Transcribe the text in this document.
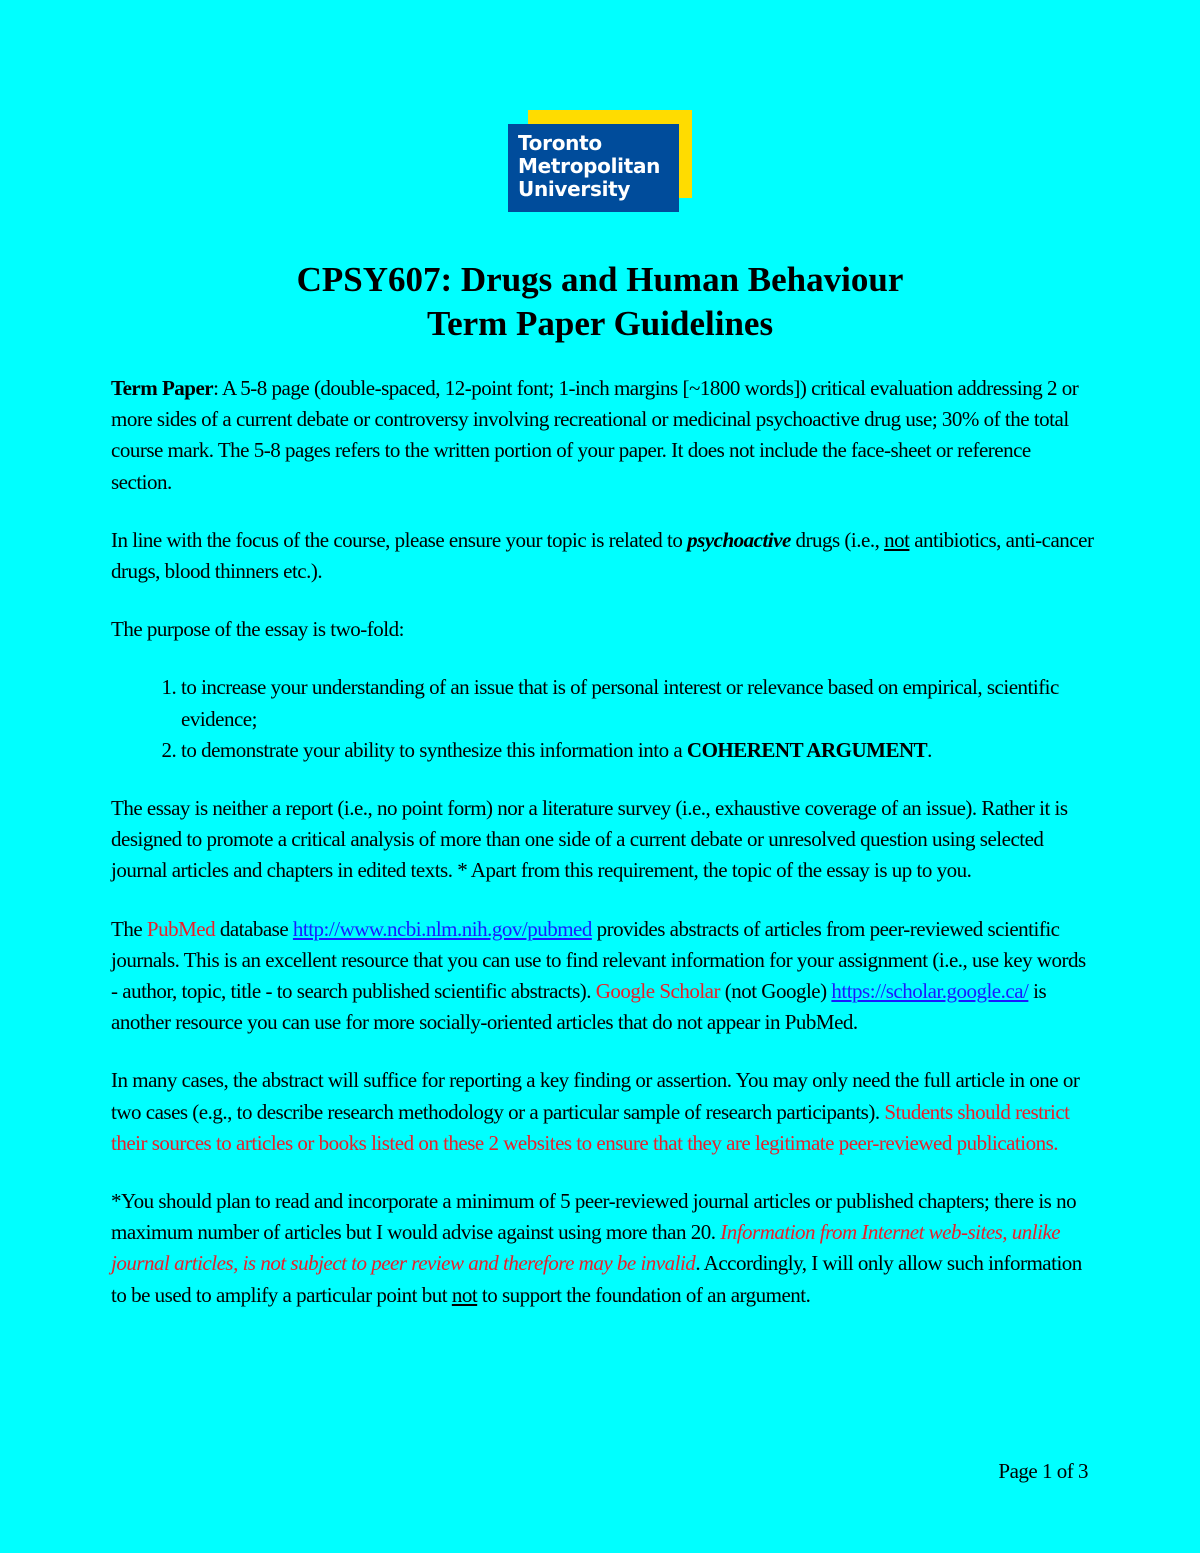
Toronto
Metropolitan
University
CPSY607: Drugs and Human Behaviour
Term Paper Guidelines

Term Paper: A 5-8 page (double-spaced, 12-point font; 1-inch margins [~1800 words]) critical evaluation addressing 2 or more sides of a current debate or controversy involving recreational or medicinal psychoactive drug use; 30% of the total course mark. The 5-8 pages refers to the written portion of your paper. It does not include the face-sheet or reference section.

In line with the focus of the course, please ensure your topic is related to psychoactive drugs (i.e., not antibiotics, anti-cancer drugs, blood thinners etc.).

The purpose of the essay is two-fold:

1. to increase your understanding of an issue that is of personal interest or relevance based on empirical, scientific evidence;
2. to demonstrate your ability to synthesize this information into a COHERENT ARGUMENT.

The essay is neither a report (i.e., no point form) nor a literature survey (i.e., exhaustive coverage of an issue). Rather it is designed to promote a critical analysis of more than one side of a current debate or unresolved question using selected journal articles and chapters in edited texts. * Apart from this requirement, the topic of the essay is up to you.

The PubMed database http://www.ncbi.nlm.nih.gov/pubmed provides abstracts of articles from peer-reviewed scientific journals. This is an excellent resource that you can use to find relevant information for your assignment (i.e., use key words - author, topic, title - to search published scientific abstracts). Google Scholar (not Google) https://scholar.google.ca/ is another resource you can use for more socially-oriented articles that do not appear in PubMed.

In many cases, the abstract will suffice for reporting a key finding or assertion. You may only need the full article in one or two cases (e.g., to describe research methodology or a particular sample of research participants). Students should restrict their sources to articles or books listed on these 2 websites to ensure that they are legitimate peer-reviewed publications.

*You should plan to read and incorporate a minimum of 5 peer-reviewed journal articles or published chapters; there is no maximum number of articles but I would advise against using more than 20. Information from Internet web-sites, unlike journal articles, is not subject to peer review and therefore may be invalid. Accordingly, I will only allow such information to be used to amplify a particular point but not to support the foundation of an argument.

Page 1 of 3
